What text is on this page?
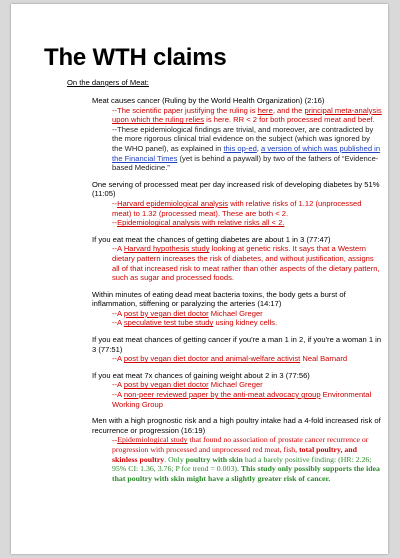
The WTH claims
On the dangers of Meat:
Meat causes cancer (Ruling by the World Health Organization) (2:16)
--The scientific paper justifying the ruling is here, and the principal meta-analysis upon which the ruling relies is here. RR < 2 for both processed meat and beef.
--These epidemiological findings are trivial, and moreover, are contradicted by the more rigorous clinical trial evidence on the subject (which was ignored by the WHO panel), as explained in this op-ed, a version of which was published in the Financial Times (yet is behind a paywall) by two of the fathers of “Evidence-based Medicine.”
One serving of processed meat per day increased risk of developing diabetes by 51% (11:05)
--Harvard epidemiological analysis with relative risks of 1.12 (unprocessed meat) to 1.32 (processed meat). These are both < 2.
--Epidemiological analysis with relative risks all < 2.
If you eat meat the chances of getting diabetes are about 1 in 3 (77:47)
--A Harvard hypothesis study looking at genetic risks. It says that a Western dietary pattern increases the risk of diabetes, and without justification, assigns all of that increased risk to meat rather than other aspects of the dietary pattern, such as sugar and processed foods.
Within minutes of eating dead meat bacteria toxins, the body gets a burst of inflammation, stiffening or paralyzing the arteries (14:17)
--A post by vegan diet doctor Michael Greger
--A speculative test tube study using kidney cells.
If you eat meat chances of getting cancer if you're a man 1 in 2, if you're a woman 1 in 3 (77:51)
--A post by vegan diet doctor and animal-welfare activist Neal Barnard
If you eat meat 7x chances of gaining weight about 2 in 3 (77:56)
--A post by vegan diet doctor Michael Greger
--A non-peer reviewed paper by the anti-meat advocacy group Environmental Working Group
Men with a high prognostic risk and a high poultry intake had a 4-fold increased risk of recurrence or progression (16:19)
--Epidemiological study that found no association of prostate cancer recurrence or progression with processed and unprocessed red meat, fish, total poultry, and skinless poultry. Only poultry with skin had a barely positive finding: (HR: 2.26; 95% CI: 1.36, 3.76; P for trend = 0.003). This study only possibly supports the idea that poultry with skin might have a slightly greater risk of cancer.
